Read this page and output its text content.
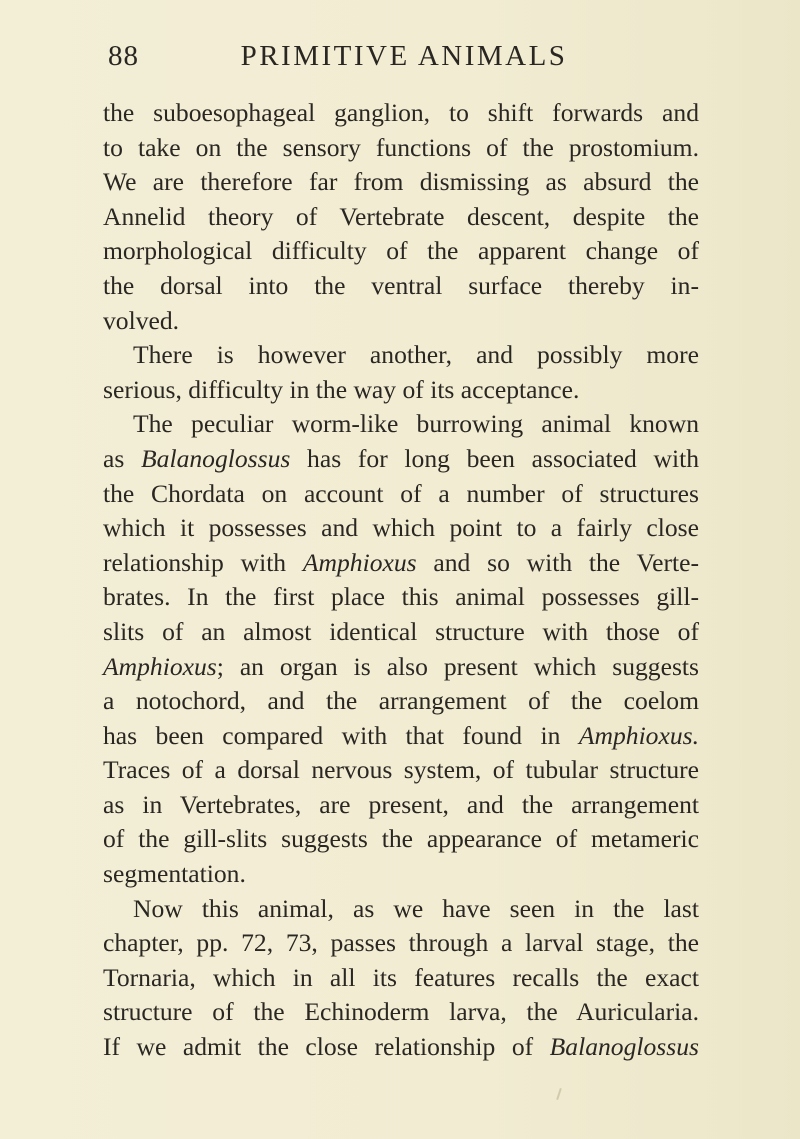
88	PRIMITIVE ANIMALS
the suboesophageal ganglion, to shift forwards and
to take on the sensory functions of the prostomium.
We are therefore far from dismissing as absurd the
Annelid theory of Vertebrate descent, despite the
morphological difficulty of the apparent change of
the dorsal into the ventral surface thereby in-
volved.
There is however another, and possibly more
serious, difficulty in the way of its acceptance.
The peculiar worm-like burrowing animal known
as Balanoglossus has for long been associated with
the Chordata on account of a number of structures
which it possesses and which point to a fairly close
relationship with Amphioxus and so with the Verte-
brates. In the first place this animal possesses gill-
slits of an almost identical structure with those of
Amphioxus; an organ is also present which suggests
a notochord, and the arrangement of the coelom
has been compared with that found in Amphioxus.
Traces of a dorsal nervous system, of tubular structure
as in Vertebrates, are present, and the arrangement
of the gill-slits suggests the appearance of metameric
segmentation.
Now this animal, as we have seen in the last
chapter, pp. 72, 73, passes through a larval stage, the
Tornaria, which in all its features recalls the exact
structure of the Echinoderm larva, the Auricularia.
If we admit the close relationship of Balanoglossus
